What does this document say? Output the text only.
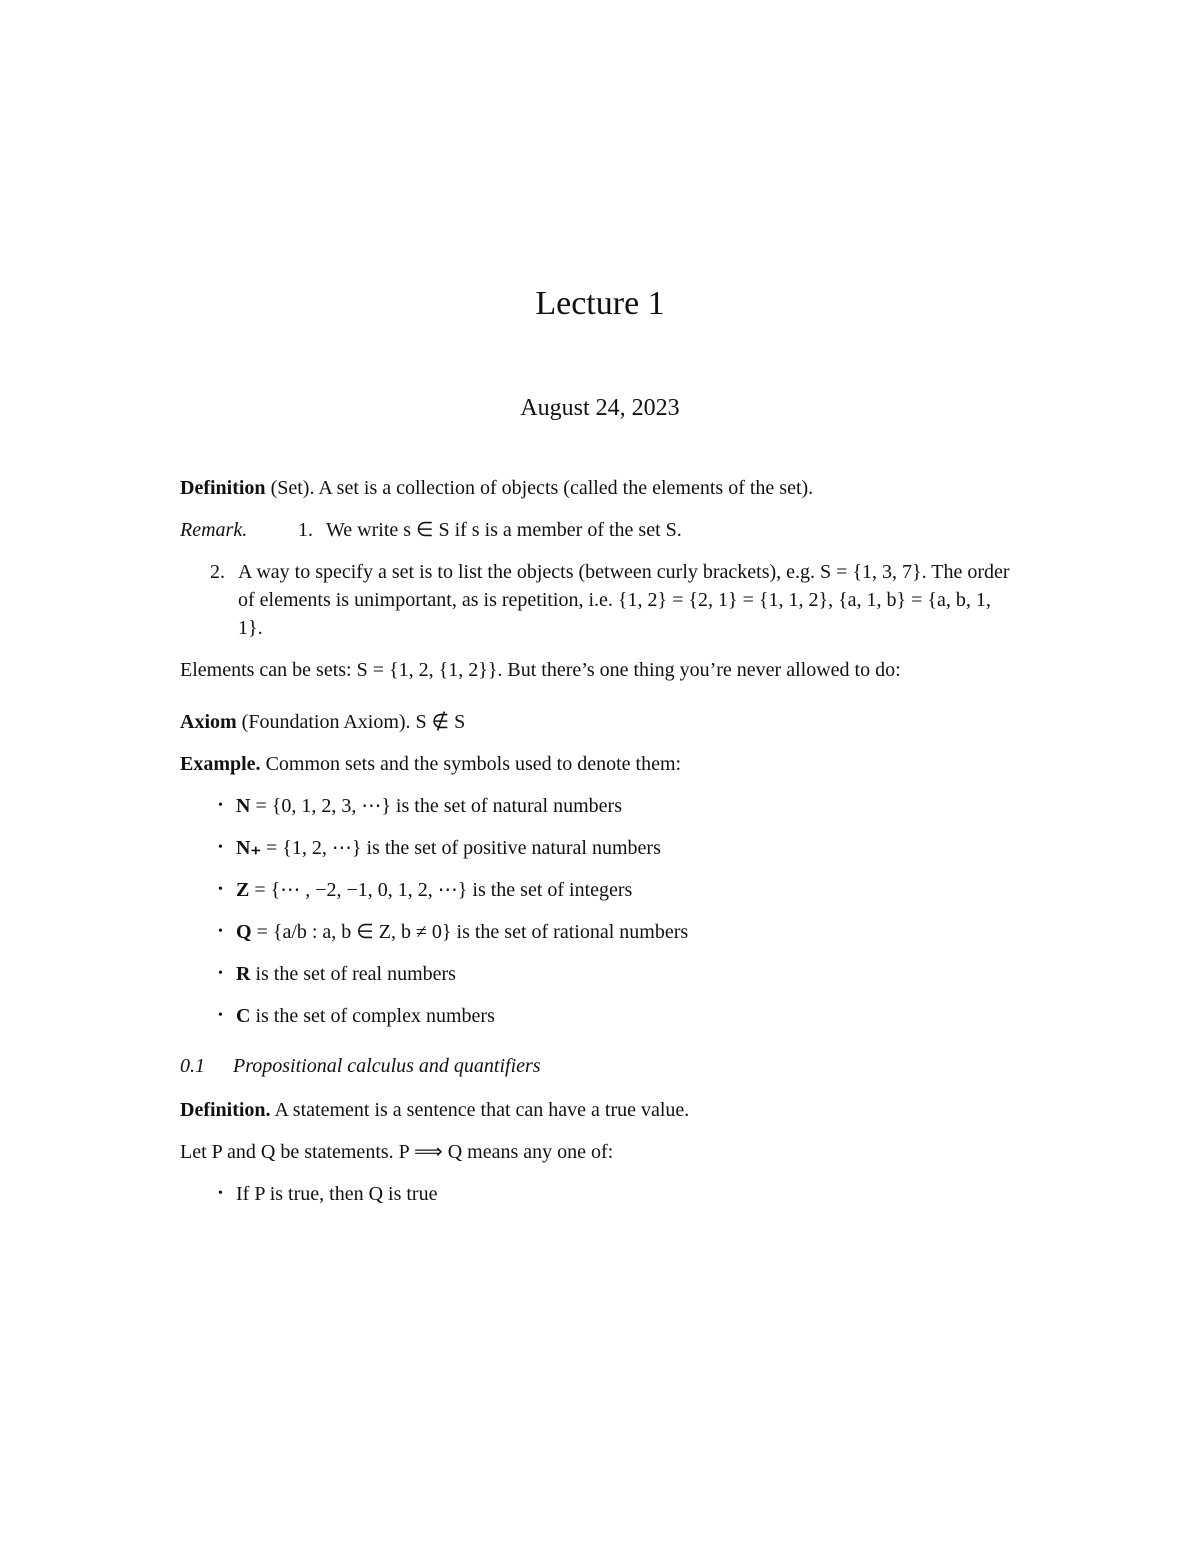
Lecture 1
August 24, 2023

Definition (Set). A set is a collection of objects (called the elements of the set).

Remark.	1. We write s ∈ S if s is a member of the set S.
2. A way to specify a set is to list the objects (between curly brackets), e.g. S = {1, 3, 7}. The order of elements is unimportant, as is repetition, i.e. {1, 2} = {2, 1} = {1, 1, 2}, {a, 1, b} = {a, b, 1, 1}.

Elements can be sets: S = {1, 2, {1, 2}}. But there’s one thing you’re never allowed to do:

Axiom (Foundation Axiom). S ∉ S

Example. Common sets and the symbols used to denote them:

• N = {0, 1, 2, 3, ⋯} is the set of natural numbers
• N₊ = {1, 2, ⋯} is the set of positive natural numbers
• Z = {⋯ , −2, −1, 0, 1, 2, ⋯} is the set of integers
• Q = {a/b : a, b ∈ Z, b ≠ 0} is the set of rational numbers
• R is the set of real numbers
• C is the set of complex numbers
0.1 Propositional calculus and quantifiers

Definition. A statement is a sentence that can have a true value.

Let P and Q be statements. P ⟹ Q means any one of:

• If P is true, then Q is true
